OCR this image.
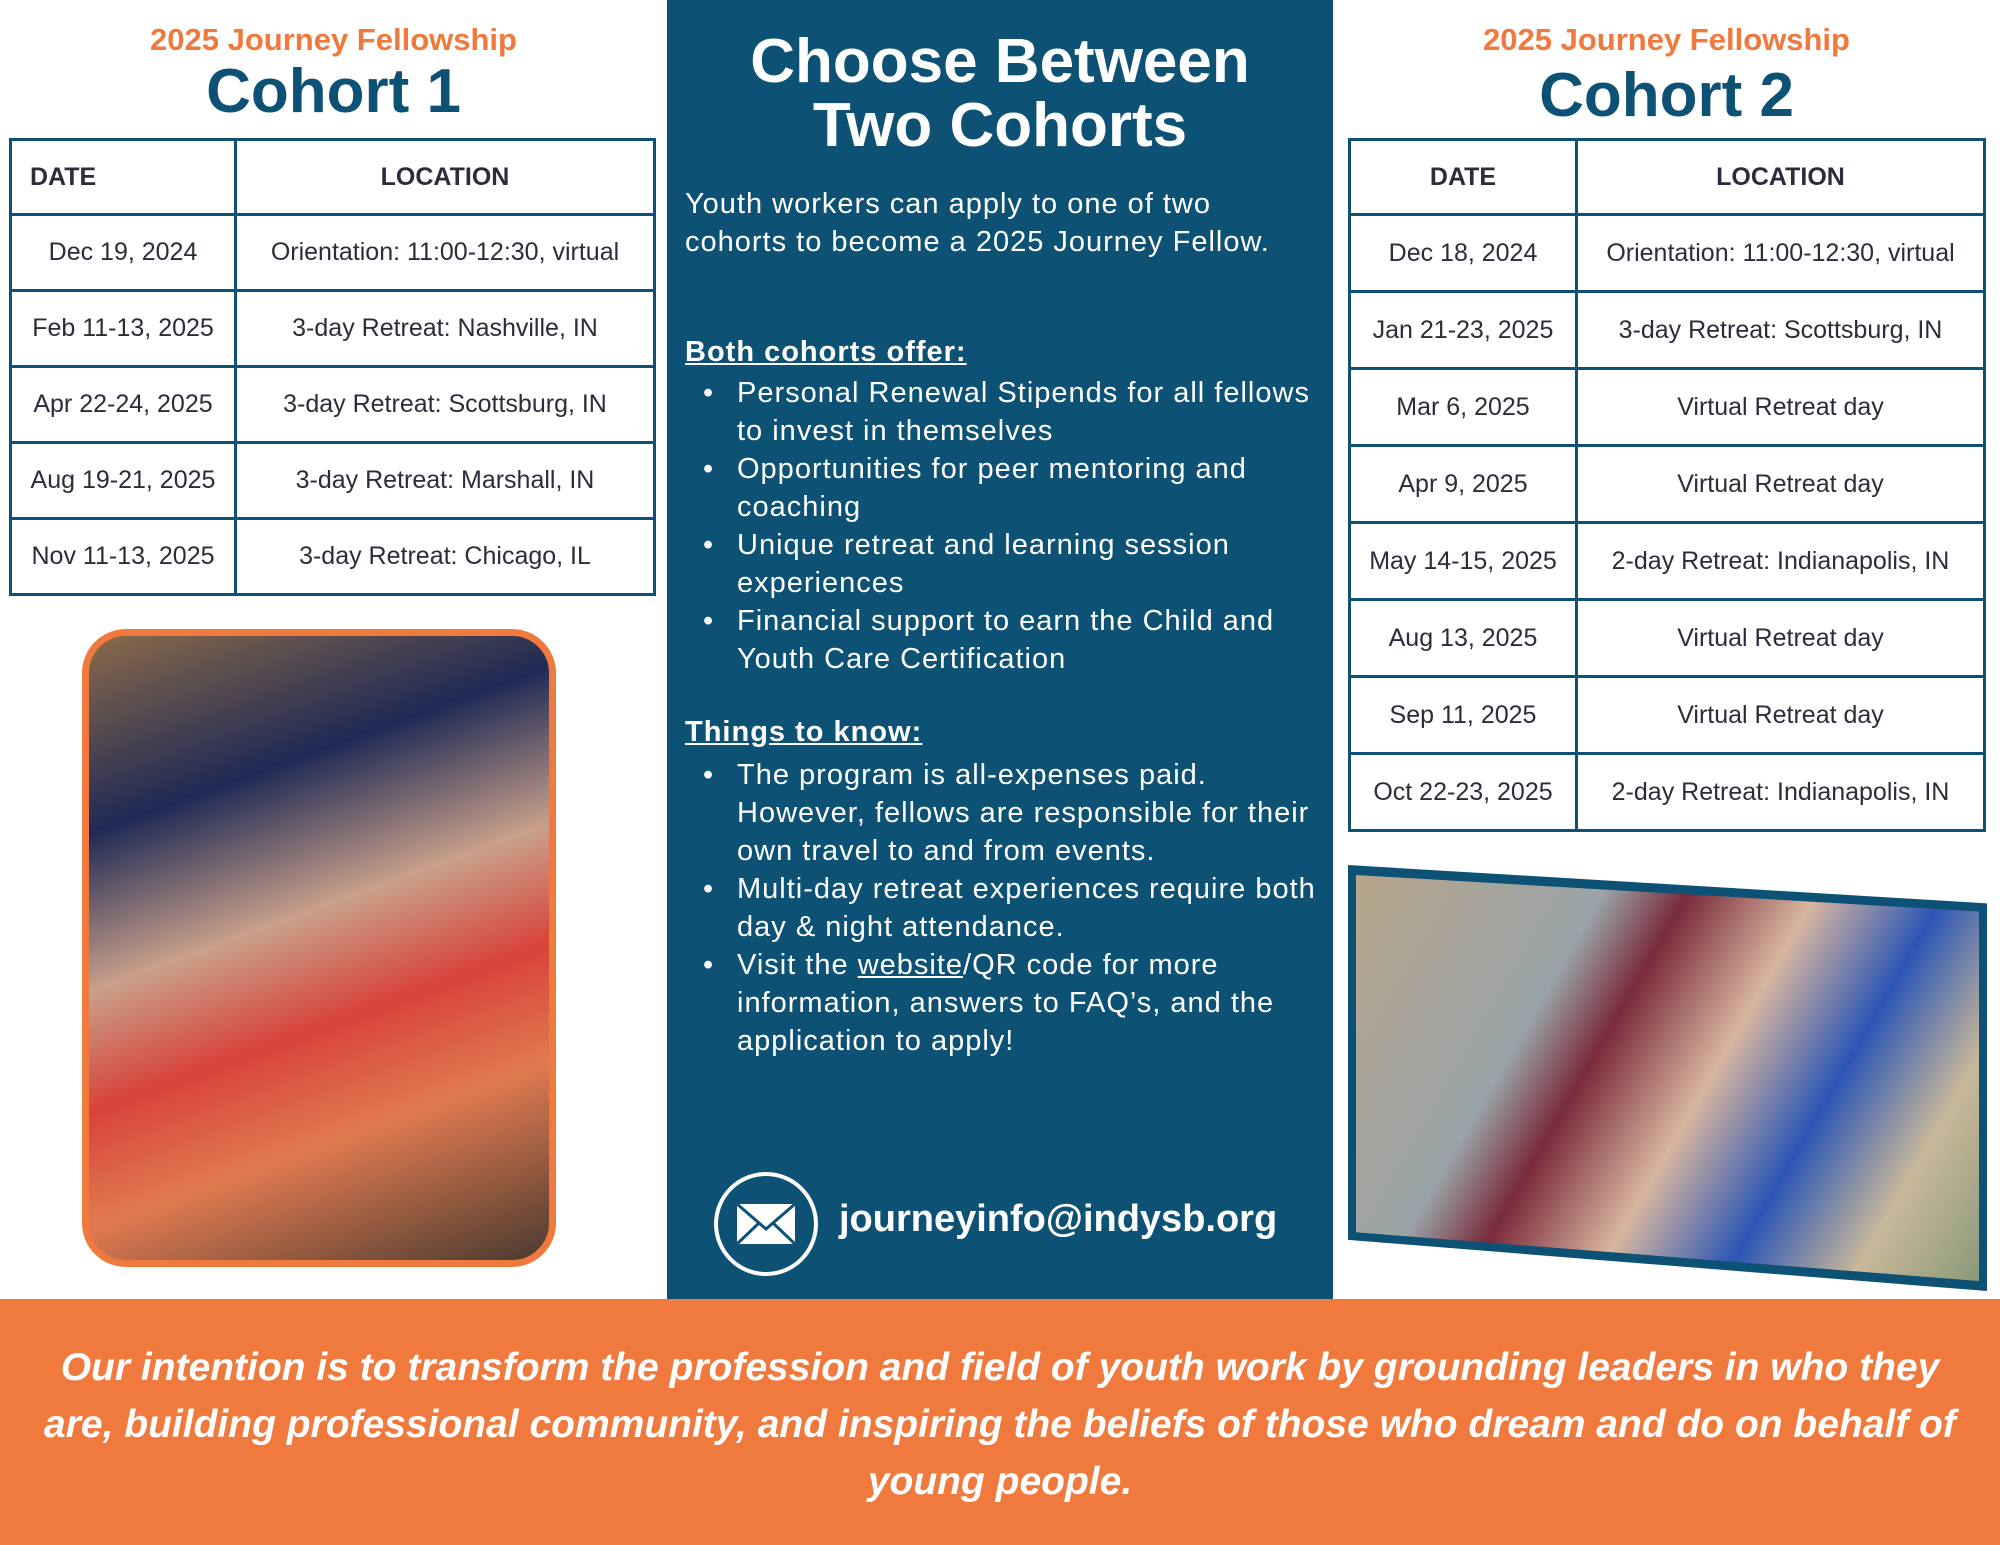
2025 Journey Fellowship
Cohort 1
DATE	LOCATION
Dec 19, 2024	Orientation: 11:00-12:30, virtual
Feb 11-13, 2025	3-day Retreat: Nashville, IN
Apr 22-24, 2025	3-day Retreat: Scottsburg, IN
Aug 19-21, 2025	3-day Retreat: Marshall, IN
Nov 11-13, 2025	3-day Retreat: Chicago, IL
Choose Between
Two Cohorts
Youth workers can apply to one of two cohorts to become a 2025 Journey Fellow.
Both cohorts offer:
• Personal Renewal Stipends for all fellows to invest in themselves
• Opportunities for peer mentoring and coaching
• Unique retreat and learning session experiences
• Financial support to earn the Child and Youth Care Certification
Things to know:
• The program is all-expenses paid. However, fellows are responsible for their own travel to and from events.
• Multi-day retreat experiences require both day & night attendance.
• Visit the website/QR code for more information, answers to FAQ’s, and the application to apply!
journeyinfo@indysb.org
2025 Journey Fellowship
Cohort 2
DATE	LOCATION
Dec 18, 2024	Orientation: 11:00-12:30, virtual
Jan 21-23, 2025	3-day Retreat: Scottsburg, IN
Mar 6, 2025	Virtual Retreat day
Apr 9, 2025	Virtual Retreat day
May 14-15, 2025	2-day Retreat: Indianapolis, IN
Aug 13, 2025	Virtual Retreat day
Sep 11, 2025	Virtual Retreat day
Oct 22-23, 2025	2-day Retreat: Indianapolis, IN
Our intention is to transform the profession and field of youth work by grounding leaders in who they are, building professional community, and inspiring the beliefs of those who dream and do on behalf of young people.
